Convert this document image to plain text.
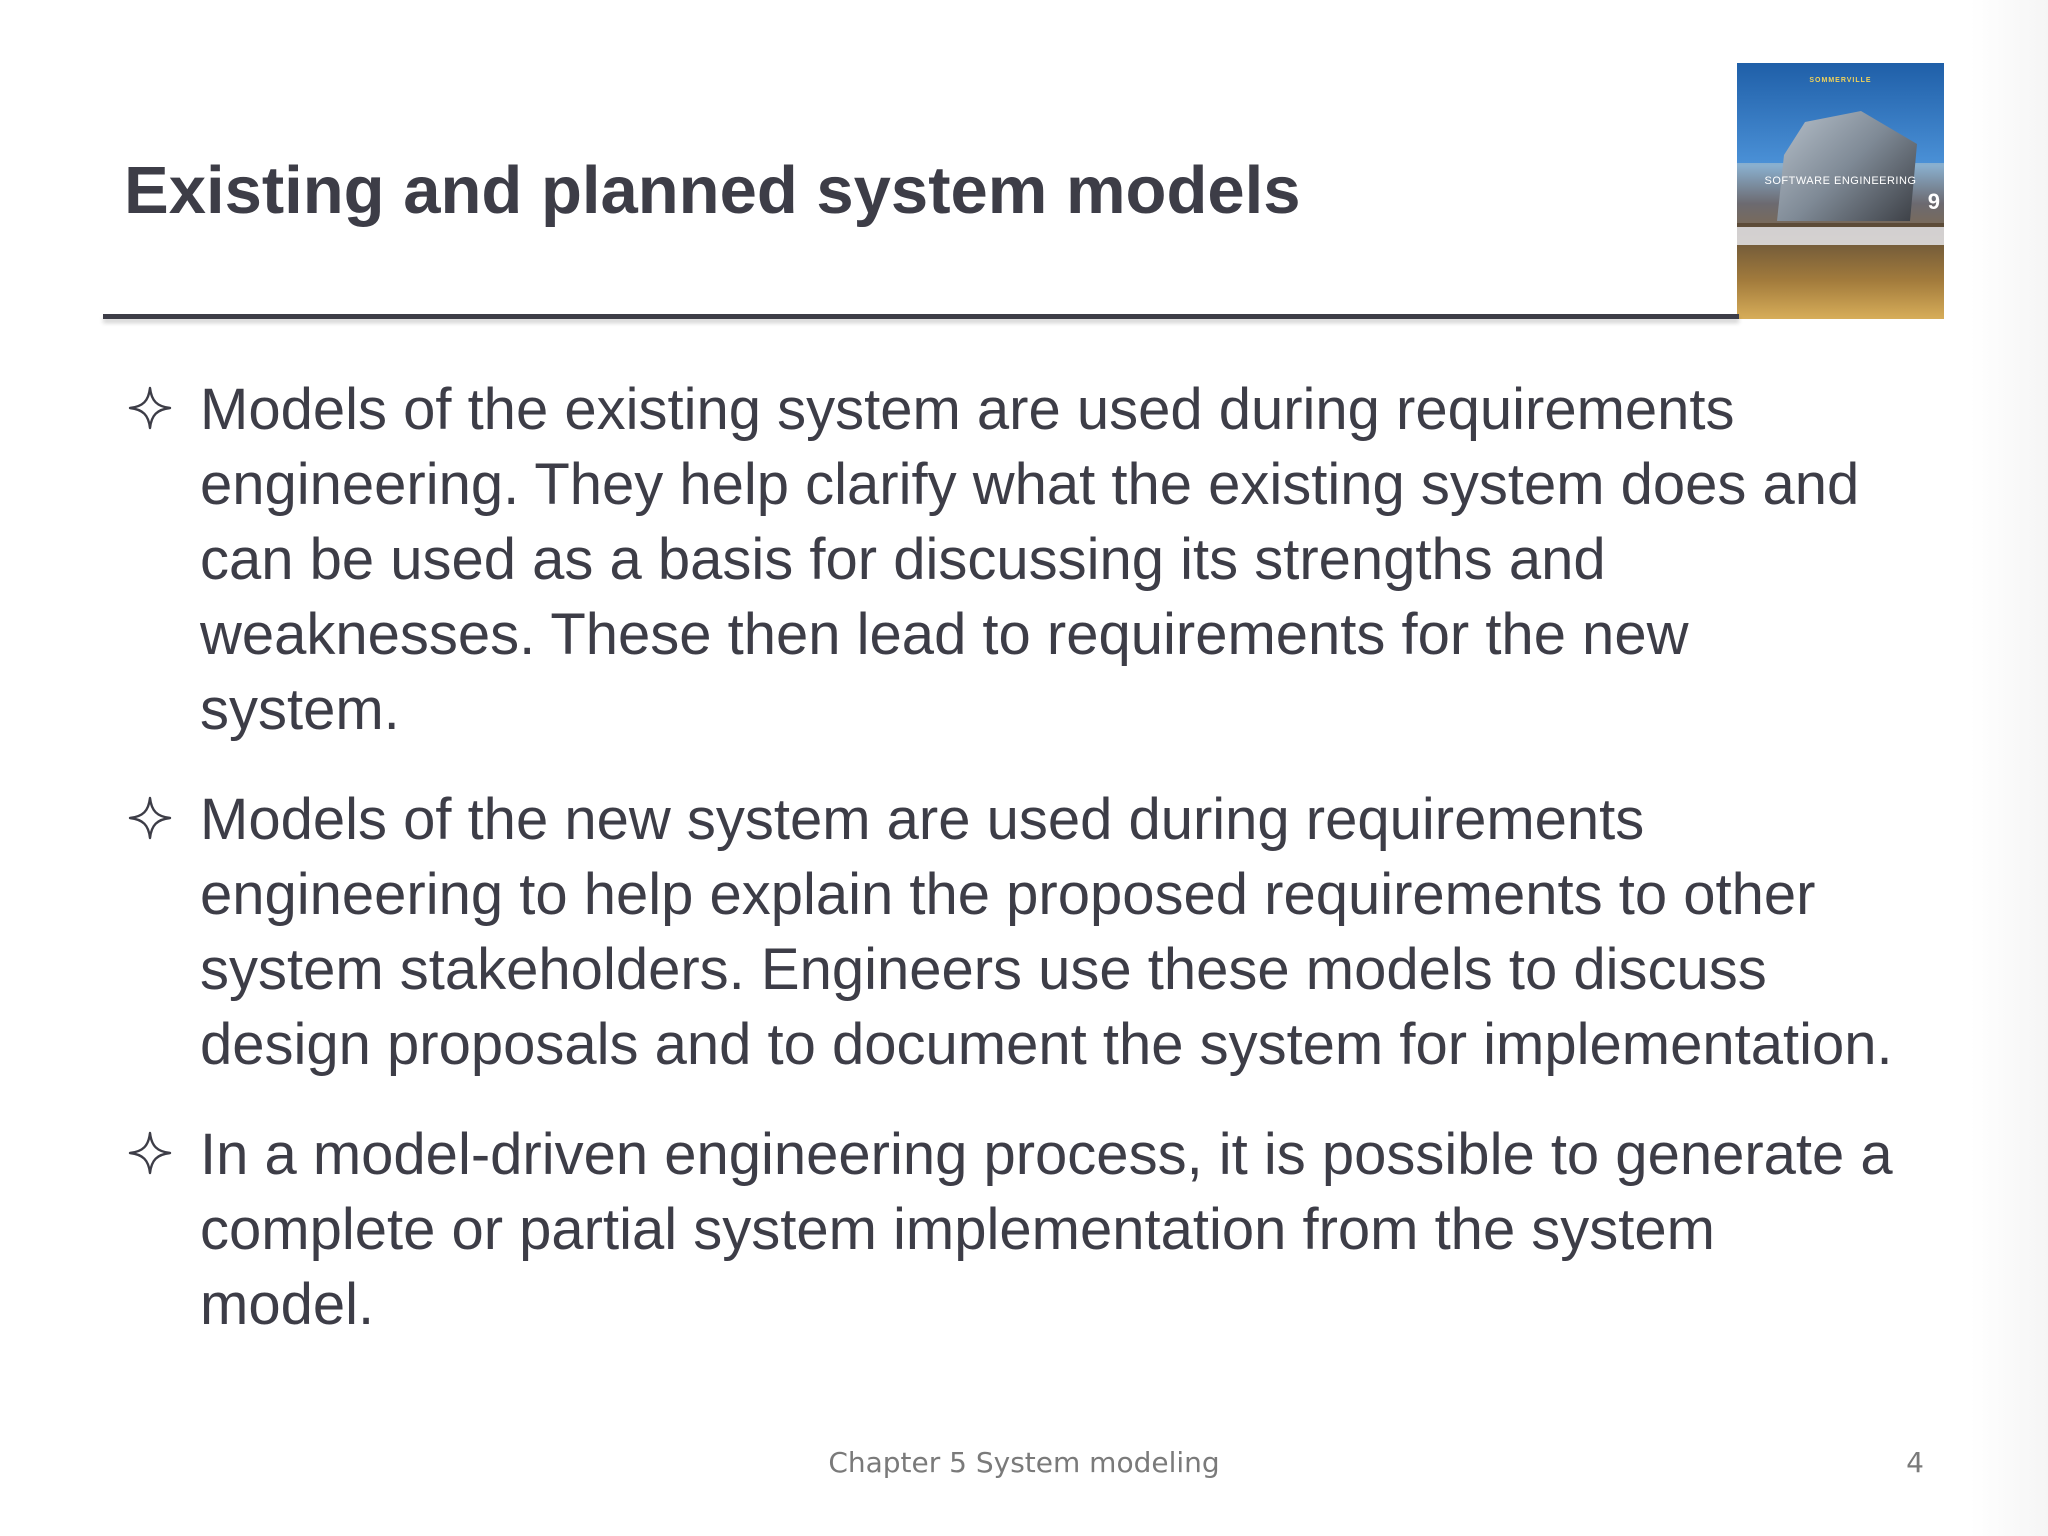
Existing and planned system models
SOMMERVILLE
SOFTWARE ENGINEERING
9
Models of the existing system are used during requirements engineering. They help clarify what the existing system does and can be used as a basis for discussing its strengths and weaknesses. These then lead to requirements for the new system.
Models of the new system are used during requirements engineering to help explain the proposed requirements to other system stakeholders. Engineers use these models to discuss design proposals and to document the system for implementation.
In a model-driven engineering process, it is possible to generate a complete or partial system implementation from the system model.
Chapter 5 System modeling	4
